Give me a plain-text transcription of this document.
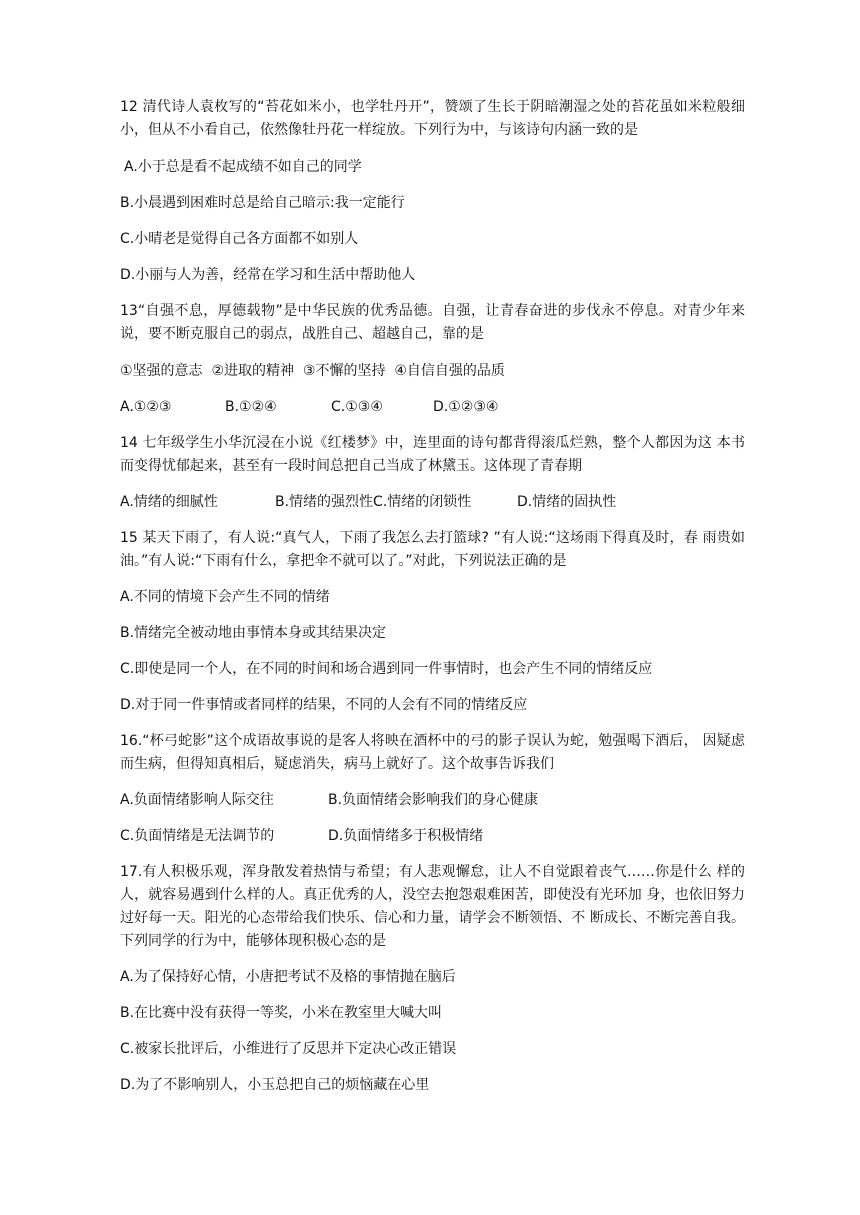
12 清代诗人袁枚写的“苔花如米小，也学牡丹开”，赞颂了生长于阴暗潮湿之处的苔花虽如米粒般细小，但从不小看自己，依然像牡丹花一样绽放。下列行为中，与该诗句内涵一致的是

A.小于总是看不起成绩不如自己的同学

B.小晨遇到困难时总是给自己暗示:我一定能行

C.小晴老是觉得自己各方面都不如别人

D.小丽与人为善，经常在学习和生活中帮助他人

13“自强不息，厚德载物”是中华民族的优秀品德。自强，让青春奋进的步伐永不停息。对青少年来说，要不断克服自己的弱点，战胜自己、超越自己，靠的是

①坚强的意志  ②进取的精神  ③不懈的坚持  ④自信自强的品质

A.①②③	B.①②④	C.①③④	D.①②③④

14 七年级学生小华沉浸在小说《红楼梦》中，连里面的诗句都背得滚瓜烂熟，整个人都因为这 本书而变得忧郁起来，甚至有一段时间总把自己当成了林黛玉。这体现了青春期

A.情绪的细腻性	B.情绪的强烈性C.情绪的闭锁性	D.情绪的固执性

15 某天下雨了，有人说:“真气人，下雨了我怎么去打篮球? ”有人说:“这场雨下得真及时，春 雨贵如油。”有人说:“下雨有什么，拿把伞不就可以了。”对此，下列说法正确的是

A.不同的情境下会产生不同的情绪

B.情绪完全被动地由事情本身或其结果决定

C.即使是同一个人，在不同的时间和场合遇到同一件事情时，也会产生不同的情绪反应

D.对于同一件事情或者同样的结果，不同的人会有不同的情绪反应

16.“杯弓蛇影”这个成语故事说的是客人将映在酒杯中的弓的影子误认为蛇，勉强喝下酒后， 因疑虑而生病，但得知真相后，疑虑消失，病马上就好了。这个故事告诉我们

A.负面情绪影响人际交往	B.负面情绪会影响我们的身心健康
C.负面情绪是无法调节的	D.负面情绪多于积极情绪

17.有人积极乐观，浑身散发着热情与希望；有人悲观懈怠，让人不自觉跟着丧气……你是什么 样的人，就容易遇到什么样的人。真正优秀的人，没空去抱怨艰难困苦，即使没有光环加 身，也依旧努力过好每一天。阳光的心态带给我们快乐、信心和力量，请学会不断领悟、不 断成长、不断完善自我。下列同学的行为中，能够体现积极心态的是

A.为了保持好心情，小唐把考试不及格的事情抛在脑后

B.在比赛中没有获得一等奖，小米在教室里大喊大叫

C.被家长批评后，小维进行了反思并下定决心改正错误

D.为了不影响别人，小玉总把自己的烦恼藏在心里
